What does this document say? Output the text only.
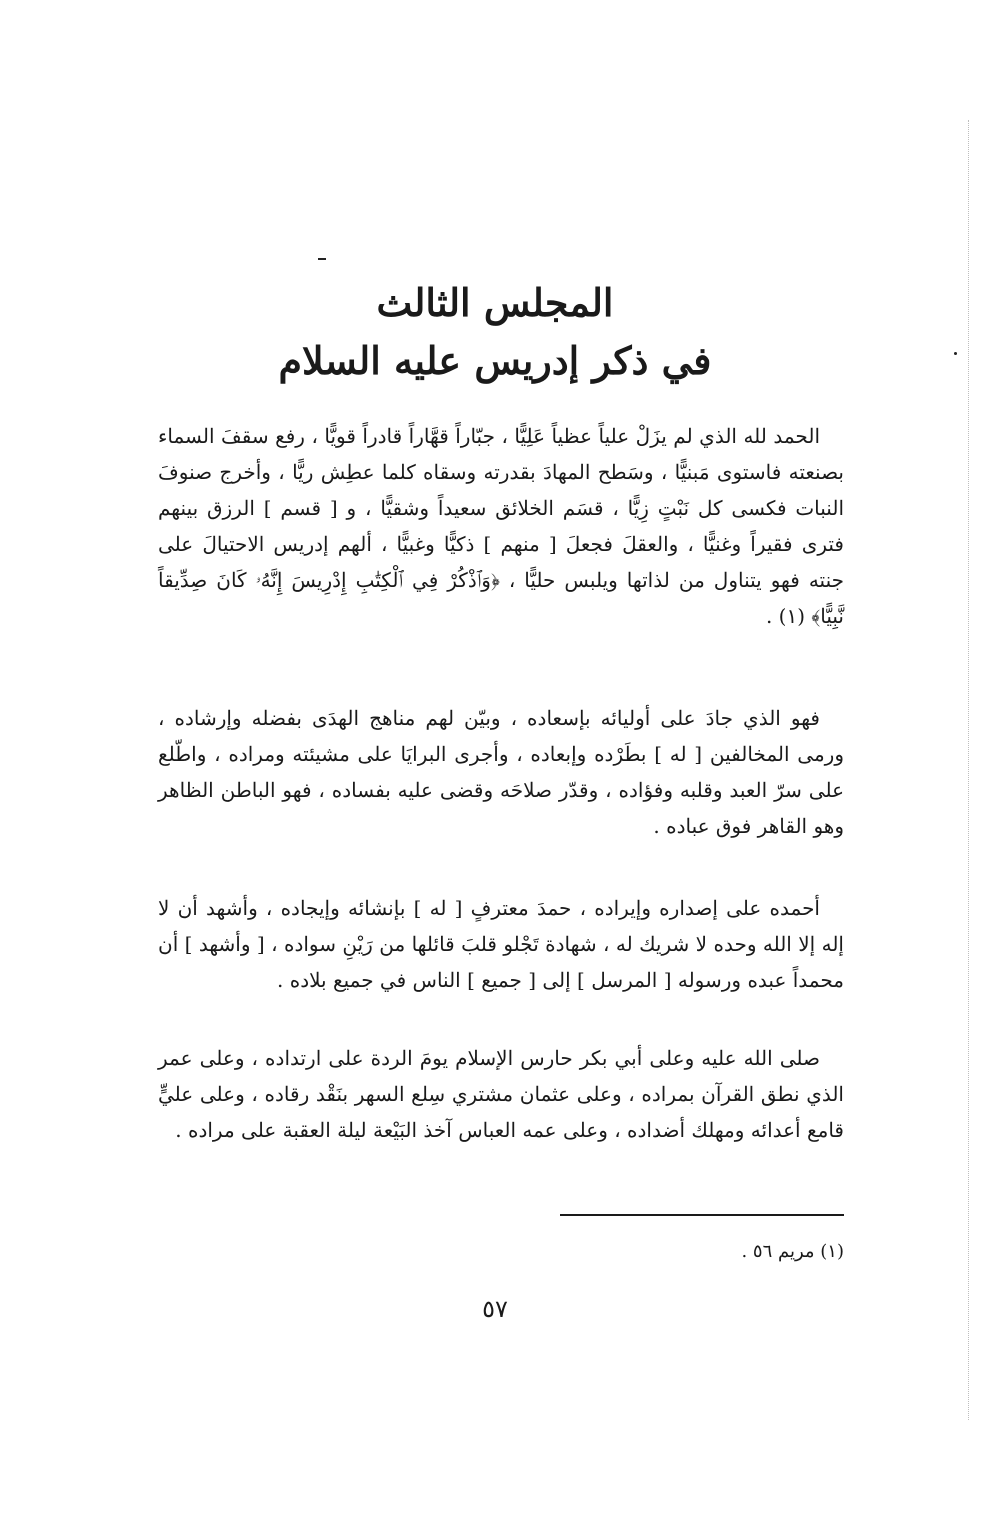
المجلس الثالث
في ذكر إدريس عليه السلام

الحمد لله الذي لم يزَلْ علياً عظياً عَلِيًّا ، جبّاراً قهَّاراً قادراً قويًّا ، رفع سقفَ السماء بصنعته فاستوى مَبنيًّا ، وسَطح المهادَ بقدرته وسقاه كلما عطِش ريًّا ، وأخرج صنوفَ النبات فكسى كل نَبْتٍ زِيًّا ، قسَم الخلائق سعيداً وشقيًّا ، و [ قسم ] الرزق بينهم فترى فقيراً وغنيًّا ، والعقلَ فجعلَ [ منهم ] ذكيًّا وغبيًّا ، ألهم إدريس الاحتيالَ على جنته فهو يتناول من لذاتها ويلبس حليًّا ، ﴿وَٱذْكُرْ فِي ٱلْكِتَٰبِ إِدْرِيسَ إِنَّهُۥ كَانَ صِدِّيقاً نَّبِيًّا﴾ (١) .

فهو الذي جادَ على أوليائه بإسعاده ، وبيّن لهم مناهج الهدَى بفضله وإرشاده ، ورمى المخالفين [ له ] بطَرْده وإبعاده ، وأجرى البرايَا على مشيئته ومراده ، واطّلع على سرّ العبد وقلبه وفؤاده ، وقدّر صلاحَه وقضى عليه بفساده ، فهو الباطن الظاهر وهو القاهر فوق عباده .

أحمده على إصداره وإيراده ، حمدَ معترفٍ [ له ] بإنشائه وإيجاده ، وأشهد أن لا إله إلا الله وحده لا شريك له ، شهادة تَجْلو قلبَ قائلها من رَيْنِ سواده ، [ وأشهد ] أن محمداً عبده ورسوله [ المرسل ] إلى [ جميع ] الناس في جميع بلاده .

صلى الله عليه وعلى أبي بكر حارس الإسلام يومَ الردة على ارتداده ، وعلى عمر الذي نطق القرآن بمراده ، وعلى عثمان مشتري سِلع السهر بنَقْد رقاده ، وعلى عليٍّ قامع أعدائه ومهلك أضداده ، وعلى عمه العباس آخذ البَيْعة ليلة العقبة على مراده .

(١) مريم ٥٦ .
٥٧
